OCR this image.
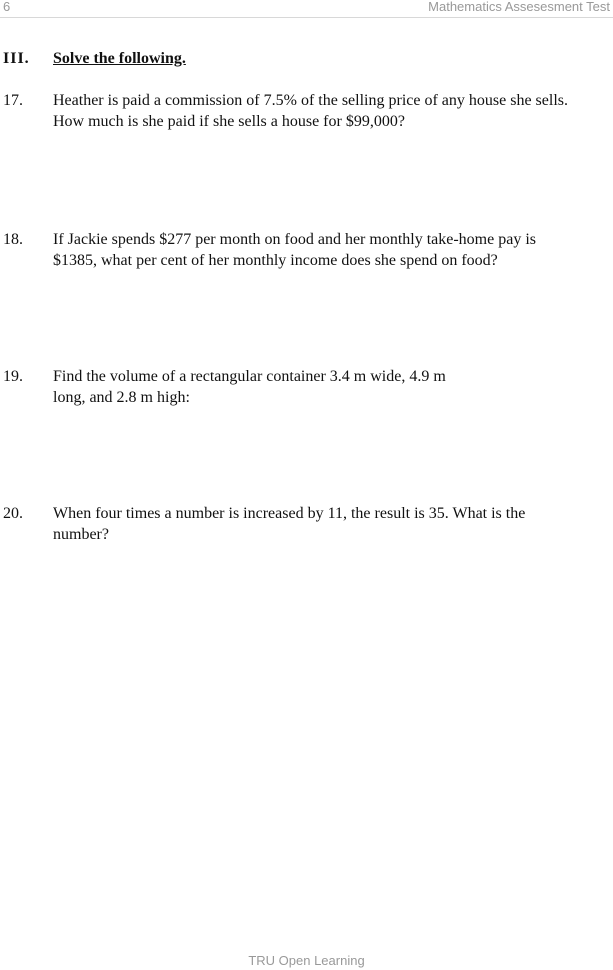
6	Mathematics Assesesment Test
III. Solve the following.
17. Heather is paid a commission of 7.5% of the selling price of any house she sells. How much is she paid if she sells a house for $99,000?
18. If Jackie spends $277 per month on food and her monthly take-home pay is $1385, what per cent of her monthly income does she spend on food?
19. Find the volume of a rectangular container 3.4 m wide, 4.9 m long, and 2.8 m high:
20. When four times a number is increased by 11, the result is 35. What is the number?
TRU Open Learning
